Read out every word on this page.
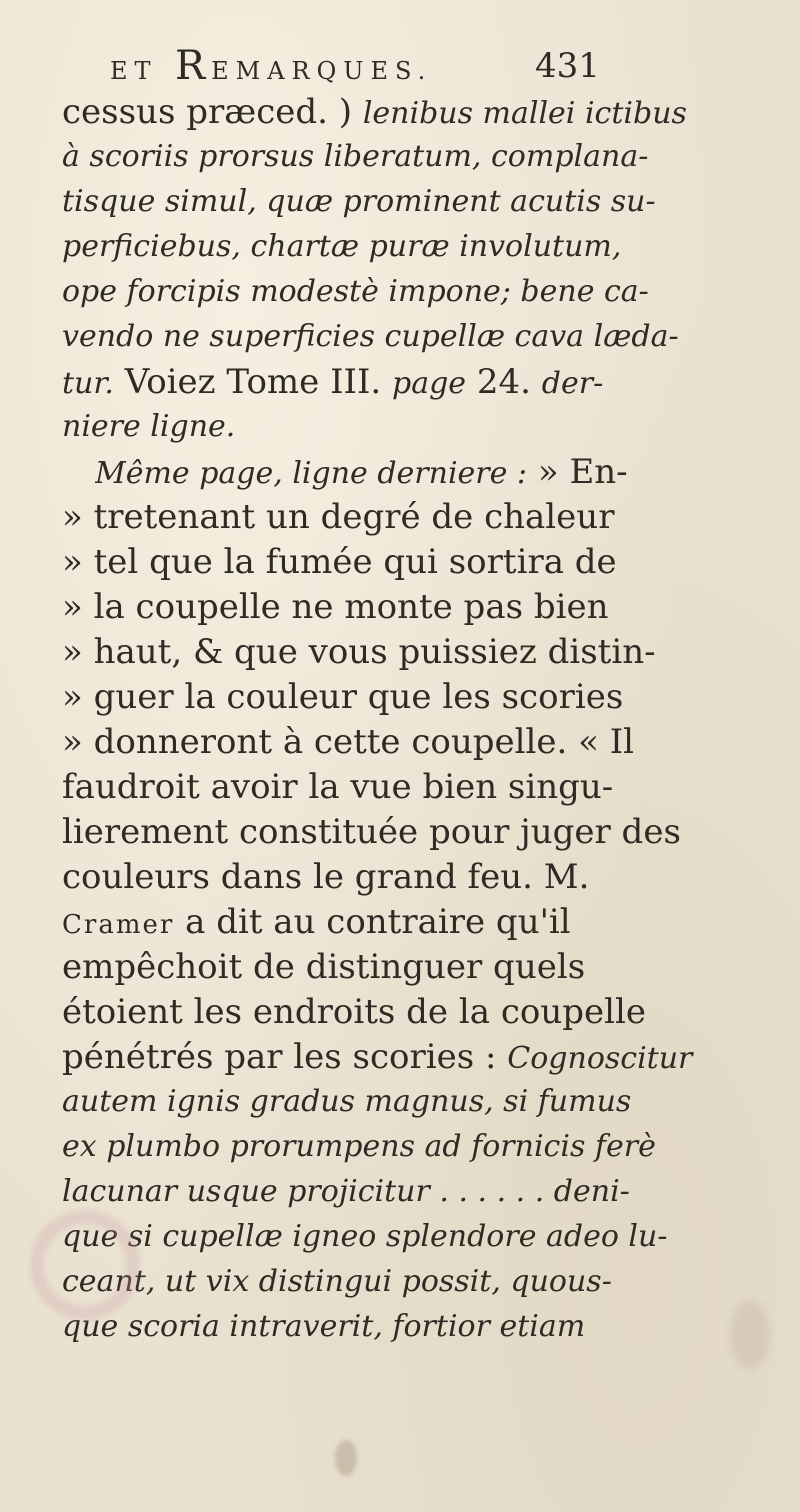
ET REMARQUES.	431
cessus præced. ) lenibus mallei ictibus
à scoriis prorsus liberatum, complana-
tisque simul, quæ prominent acutis su-
perficiebus, chartæ puræ involutum,
ope forcipis modestè impone; bene ca-
vendo ne superficies cupellæ cava læda-
tur. Voiez Tome III. page 24. der-
niere ligne.
Même page, ligne derniere : » En-
» tretenant un degré de chaleur
» tel que la fumée qui sortira de
» la coupelle ne monte pas bien
» haut, & que vous puissiez distin-
» guer la couleur que les scories
» donneront à cette coupelle. « Il
faudroit avoir la vue bien singu-
lierement constituée pour juger des
couleurs dans le grand feu. M.
Cramer a dit au contraire qu'il
empêchoit de distinguer quels
étoient les endroits de la coupelle
pénétrés par les scories : Cognoscitur
autem ignis gradus magnus, si fumus
ex plumbo prorumpens ad fornicis ferè
lacunar usque projicitur . . . . . . deni-
que si cupellæ igneo splendore adeo lu-
ceant, ut vix distingui possit, quous-
que scoria intraverit, fortior etiam
